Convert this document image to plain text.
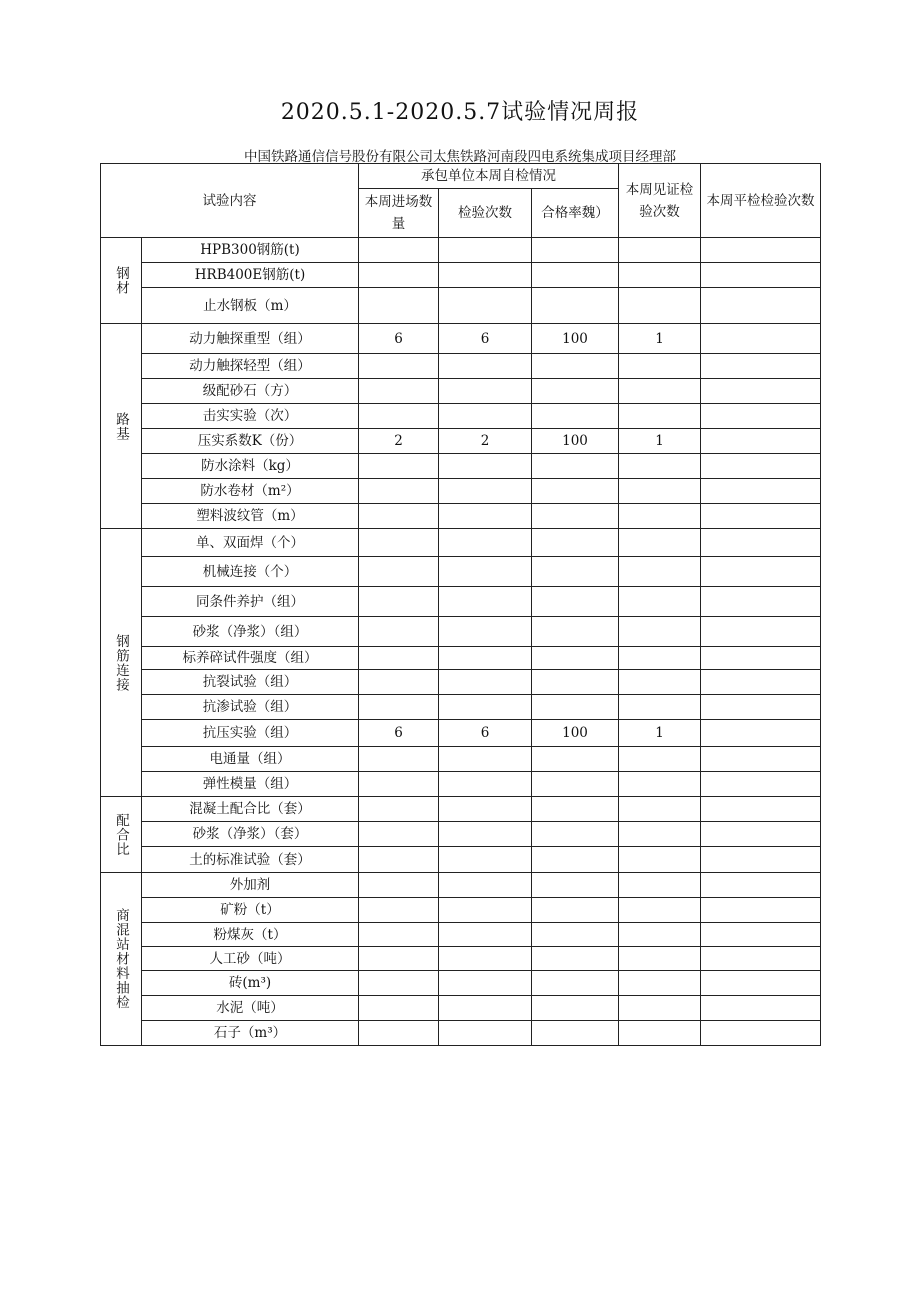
2020.5.1-2020.5.7试验情况周报
中国铁路通信信号股份有限公司太焦铁路河南段四电系统集成项目经理部
试验内容		承包单位本周自检情况			本周见证检验次数	本周平检检验次数
		本周进场数量	检验次数	合格率魏）		
钢材	HPB300钢筋(t)					
	HRB400E钢筋(t)					
	止水钢板（m）					
路基	动力触探重型（组）	6	6	100	1	
	动力触探轻型（组）					
	级配砂石（方）					
	击实实验（次）					
	压实系数K（份）	2	2	100	1	
	防水涂料（kg）					
	防水卷材（m²）					
	塑料波纹管（m）					
钢筋连接	单、双面焊（个）					
	机械连接（个）					
	同条件养护（组）					
	砂浆（净浆）（组）					
	标养碎试件强度（组）					
	抗裂试验（组）					
	抗渗试验（组）					
	抗压实验（组）	6	6	100	1	
	电通量（组）					
	弹性模量（组）					
配合比	混凝土配合比（套）					
	砂浆（净浆）（套）					
	土的标准试验（套）					
商混站材料抽检	外加剂					
	矿粉（t）					
	粉煤灰（t）					
	人工砂（吨）					
	砖(m³)					
	水泥（吨）					
	石子（m³）					
